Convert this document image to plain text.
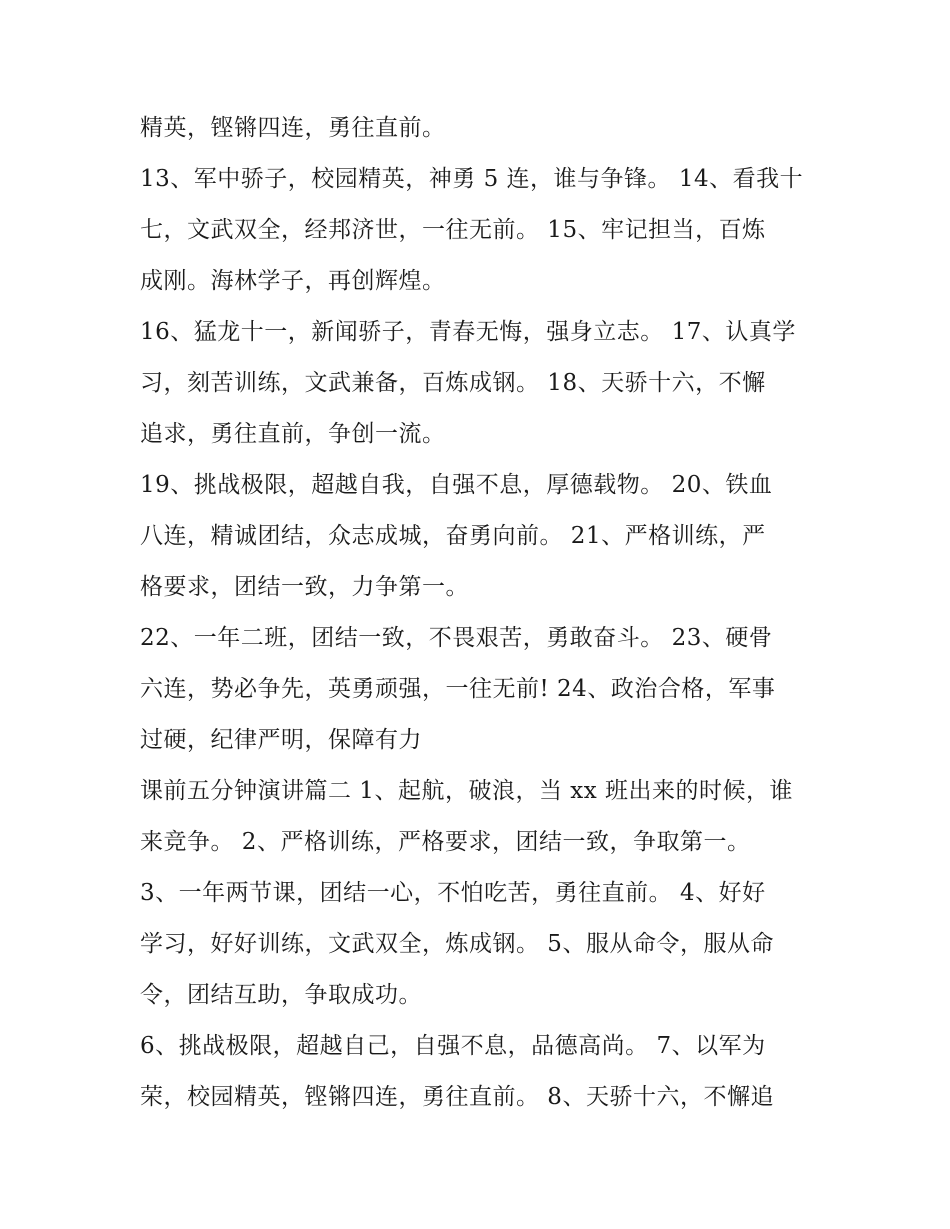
精英，铿锵四连，勇往直前。
13、军中骄子，校园精英，神勇 5 连，谁与争锋。 14、看我十
七，文武双全，经邦济世，一往无前。 15、牢记担当，百炼
成刚。海林学子，再创辉煌。
16、猛龙十一，新闻骄子，青春无悔，强身立志。 17、认真学
习，刻苦训练，文武兼备，百炼成钢。 18、天骄十六，不懈
追求，勇往直前，争创一流。
19、挑战极限，超越自我，自强不息，厚德载物。 20、铁血
八连，精诚团结，众志成城，奋勇向前。 21、严格训练，严
格要求，团结一致，力争第一。
22、一年二班，团结一致，不畏艰苦，勇敢奋斗。 23、硬骨
六连，势必争先，英勇顽强，一往无前! 24、政治合格，军事
过硬，纪律严明，保障有力
课前五分钟演讲篇二 1、起航，破浪，当 xx 班出来的时候，谁
来竞争。 2、严格训练，严格要求，团结一致，争取第一。
3、一年两节课，团结一心，不怕吃苦，勇往直前。 4、好好
学习，好好训练，文武双全，炼成钢。 5、服从命令，服从命
令，团结互助，争取成功。
6、挑战极限，超越自己，自强不息，品德高尚。 7、以军为
荣，校园精英，铿锵四连，勇往直前。 8、天骄十六，不懈追
